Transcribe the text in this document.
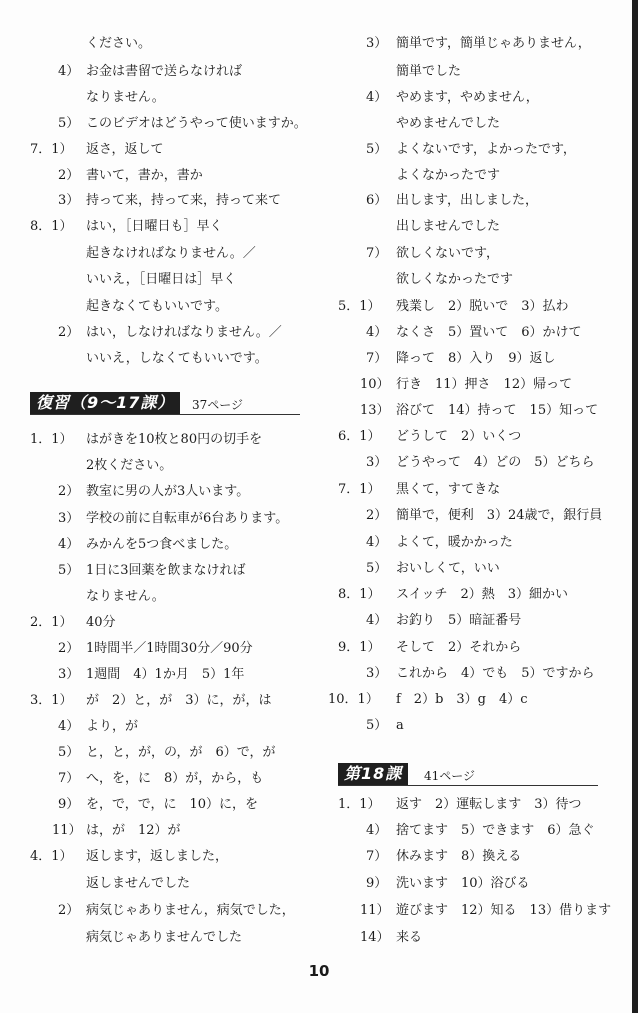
4）
5）
7．1）
2）
3）
8．1）
2）
1．1）
2）
3）
4）
5）
2．1）
2）
3）
3．1）
4）
5）
7）
9）
11）
4．1）
2）
ください。
お金は書留で送らなければ
なりません。
このビデオはどうやって使いますか。
返さ，返して
書いて，書か，書か
持って来，持って来，持って来て
はい，［日曜日も］早く
起きなければなりません。／
いいえ，［日曜日は］早く
起きなくてもいいです。
はい，しなければなりません。／
いいえ，しなくてもいいです。
復習（9〜17課）	37ページ
はがきを10枚と80円の切手を
2枚ください。
教室に男の人が3人います。
学校の前に自転車が6台あります。
みかんを5つ食べました。
1日に3回薬を飲まなければ
なりません。
40分
1時間半／1時間30分／90分
1週間　4）1か月　5）1年
が　2）と，が　3）に，が，は
より，が
と，と，が，の，が　6）で，が
へ，を，に　8）が，から，も
を，で，で，に　10）に，を
は，が　12）が
返します，返しました，
返しませんでした
病気じゃありません，病気でした，
病気じゃありませんでした
3）
4）
5）
6）
7）
5．1）
4）
7）
10）
13）
6．1）
3）
7．1）
2）
4）
5）
8．1）
4）
9．1）
3）
10．1）
5）
1．1）
4）
7）
9）
11）
14）
簡単です，簡単じゃありません，
簡単でした
やめます，やめません，
やめませんでした
よくないです，よかったです，
よくなかったです
出します，出しました，
出しませんでした
欲しくないです，
欲しくなかったです
残業し　2）脱いで　3）払わ
なくさ　5）置いて　6）かけて
降って　8）入り　9）返し
行き　11）押さ　12）帰って
浴びて　14）持って　15）知って
どうして　2）いくつ
どうやって　4）どの　5）どちら
黒くて，すてきな
簡単で，便利　3）24歳で，銀行員
よくて，暖かかった
おいしくて，いい
スイッチ　2）熱　3）細かい
お釣り　5）暗証番号
そして　2）それから
これから　4）でも　5）ですから
f　2）b　3）g　4）c
a
第18課	41ページ
返す　2）運転します　3）待つ
捨てます　5）できます　6）急ぐ
休みます　8）換える
洗います　10）浴びる
遊びます　12）知る　13）借ります
来る
10
